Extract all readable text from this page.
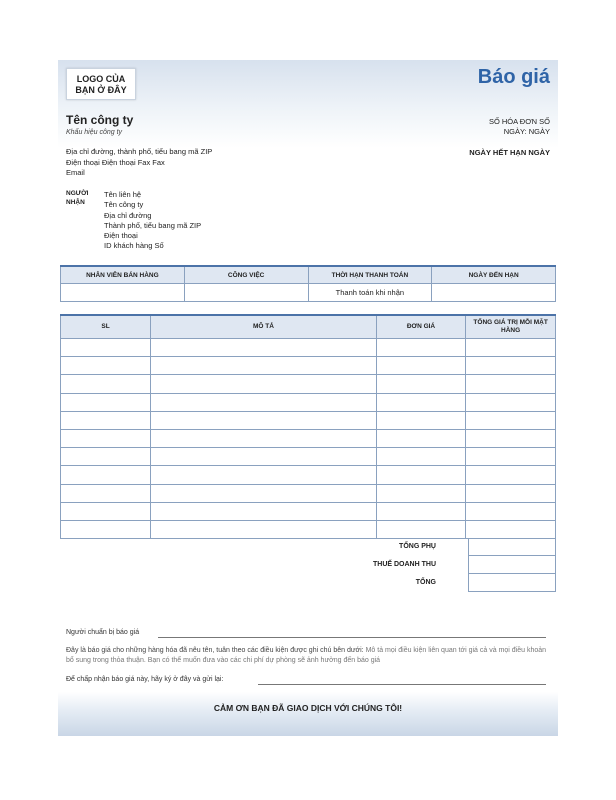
LOGO CỦA
BẠN Ở ĐÂY
Báo giá
Tên công ty
Khẩu hiệu công ty
Địa chỉ đường, thành phố, tiểu bang mã ZIP
Điện thoại Điện thoại Fax Fax
Email
SỐ HÓA ĐƠN SỐ
NGÀY: NGÀY
NGÀY HẾT HẠN NGÀY
NGƯỜI
NHẬN
Tên liên hệ
Tên công ty
Địa chỉ đường
Thành phố, tiểu bang mã ZIP
Điện thoại
ID khách hàng Số
NHÂN VIÊN BÁN HÀNG	CÔNG VIỆC	THỜI HẠN THANH TOÁN	NGÀY ĐẾN HẠN
		Thanh toán khi nhận	
SL	MÔ TẢ	ĐƠN GIÁ	TỔNG GIÁ TRỊ MỖI MẶT HÀNG

TỔNG PHỤ
THUẾ DOANH THU
TỔNG
Người chuẩn bị báo giá
Đây là báo giá cho những hàng hóa đã nêu tên, tuân theo các điều kiện được ghi chú bên dưới: Mô tả mọi điều kiện liên quan tới giá cả và mọi điều khoản bổ sung trong thỏa thuận. Bạn có thể muốn đưa vào các chi phí dự phòng sẽ ảnh hưởng đến báo giá
Để chấp nhận báo giá này, hãy ký ở đây và gửi lại:
CẢM ƠN BẠN ĐÃ GIAO DỊCH VỚI CHÚNG TÔI!
